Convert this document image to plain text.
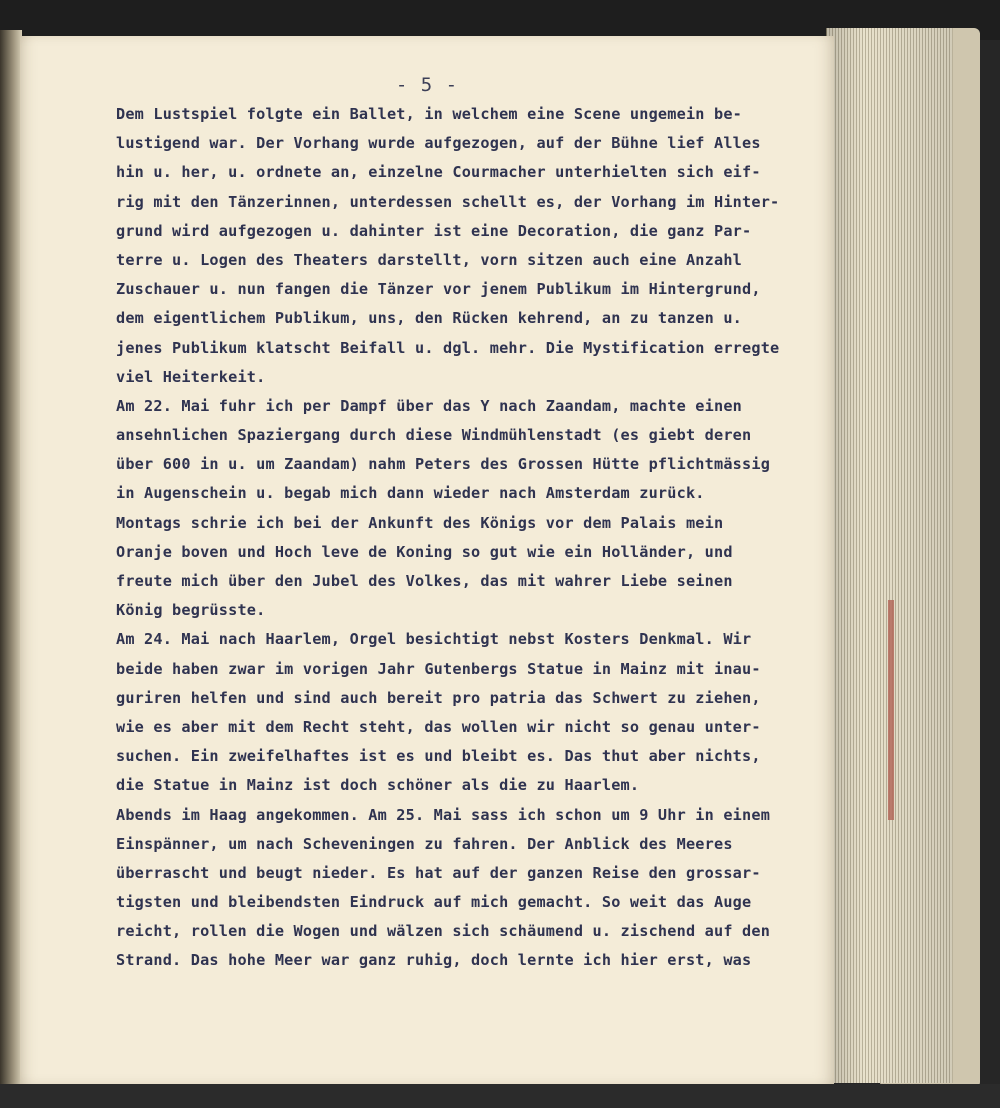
- 5 -
Dem Lustspiel folgte ein Ballet, in welchem eine Scene ungemein be-
lustigend war. Der Vorhang wurde aufgezogen, auf der Bühne lief Alles
hin u. her, u. ordnete an, einzelne Courmacher unterhielten sich eif-
rig mit den Tänzerinnen, unterdessen schellt es, der Vorhang im Hinter-
grund wird aufgezogen u. dahinter ist eine Decoration, die ganz Par-
terre u. Logen des Theaters darstellt, vorn sitzen auch eine Anzahl
Zuschauer u. nun fangen die Tänzer vor jenem Publikum im Hintergrund,
dem eigentlichem Publikum, uns, den Rücken kehrend, an zu tanzen u.
jenes Publikum klatscht Beifall u. dgl. mehr. Die Mystification erregte
viel Heiterkeit.
Am 22. Mai fuhr ich per Dampf über das Y nach Zaandam, machte einen
ansehnlichen Spaziergang durch diese Windmühlenstadt (es giebt deren
über 600 in u. um Zaandam) nahm Peters des Grossen Hütte pflichtmässig
in Augenschein u. begab mich dann wieder nach Amsterdam zurück.
Montags schrie ich bei der Ankunft des Königs vor dem Palais mein
Oranje boven und Hoch leve de Koning so gut wie ein Holländer, und
freute mich über den Jubel des Volkes, das mit wahrer Liebe seinen
König begrüsste.
Am 24. Mai nach Haarlem, Orgel besichtigt nebst Kosters Denkmal. Wir
beide haben zwar im vorigen Jahr Gutenbergs Statue in Mainz mit inau-
guriren helfen und sind auch bereit pro patria das Schwert zu ziehen,
wie es aber mit dem Recht steht, das wollen wir nicht so genau unter-
suchen. Ein zweifelhaftes ist es und bleibt es. Das thut aber nichts,
die Statue in Mainz ist doch schöner als die zu Haarlem.
Abends im Haag angekommen. Am 25. Mai sass ich schon um 9 Uhr in einem
Einspänner, um nach Scheveningen zu fahren. Der Anblick des Meeres
überrascht und beugt nieder. Es hat auf der ganzen Reise den grossar-
tigsten und bleibendsten Eindruck auf mich gemacht. So weit das Auge
reicht, rollen die Wogen und wälzen sich schäumend u. zischend auf den
Strand. Das hohe Meer war ganz ruhig, doch lernte ich hier erst, was
